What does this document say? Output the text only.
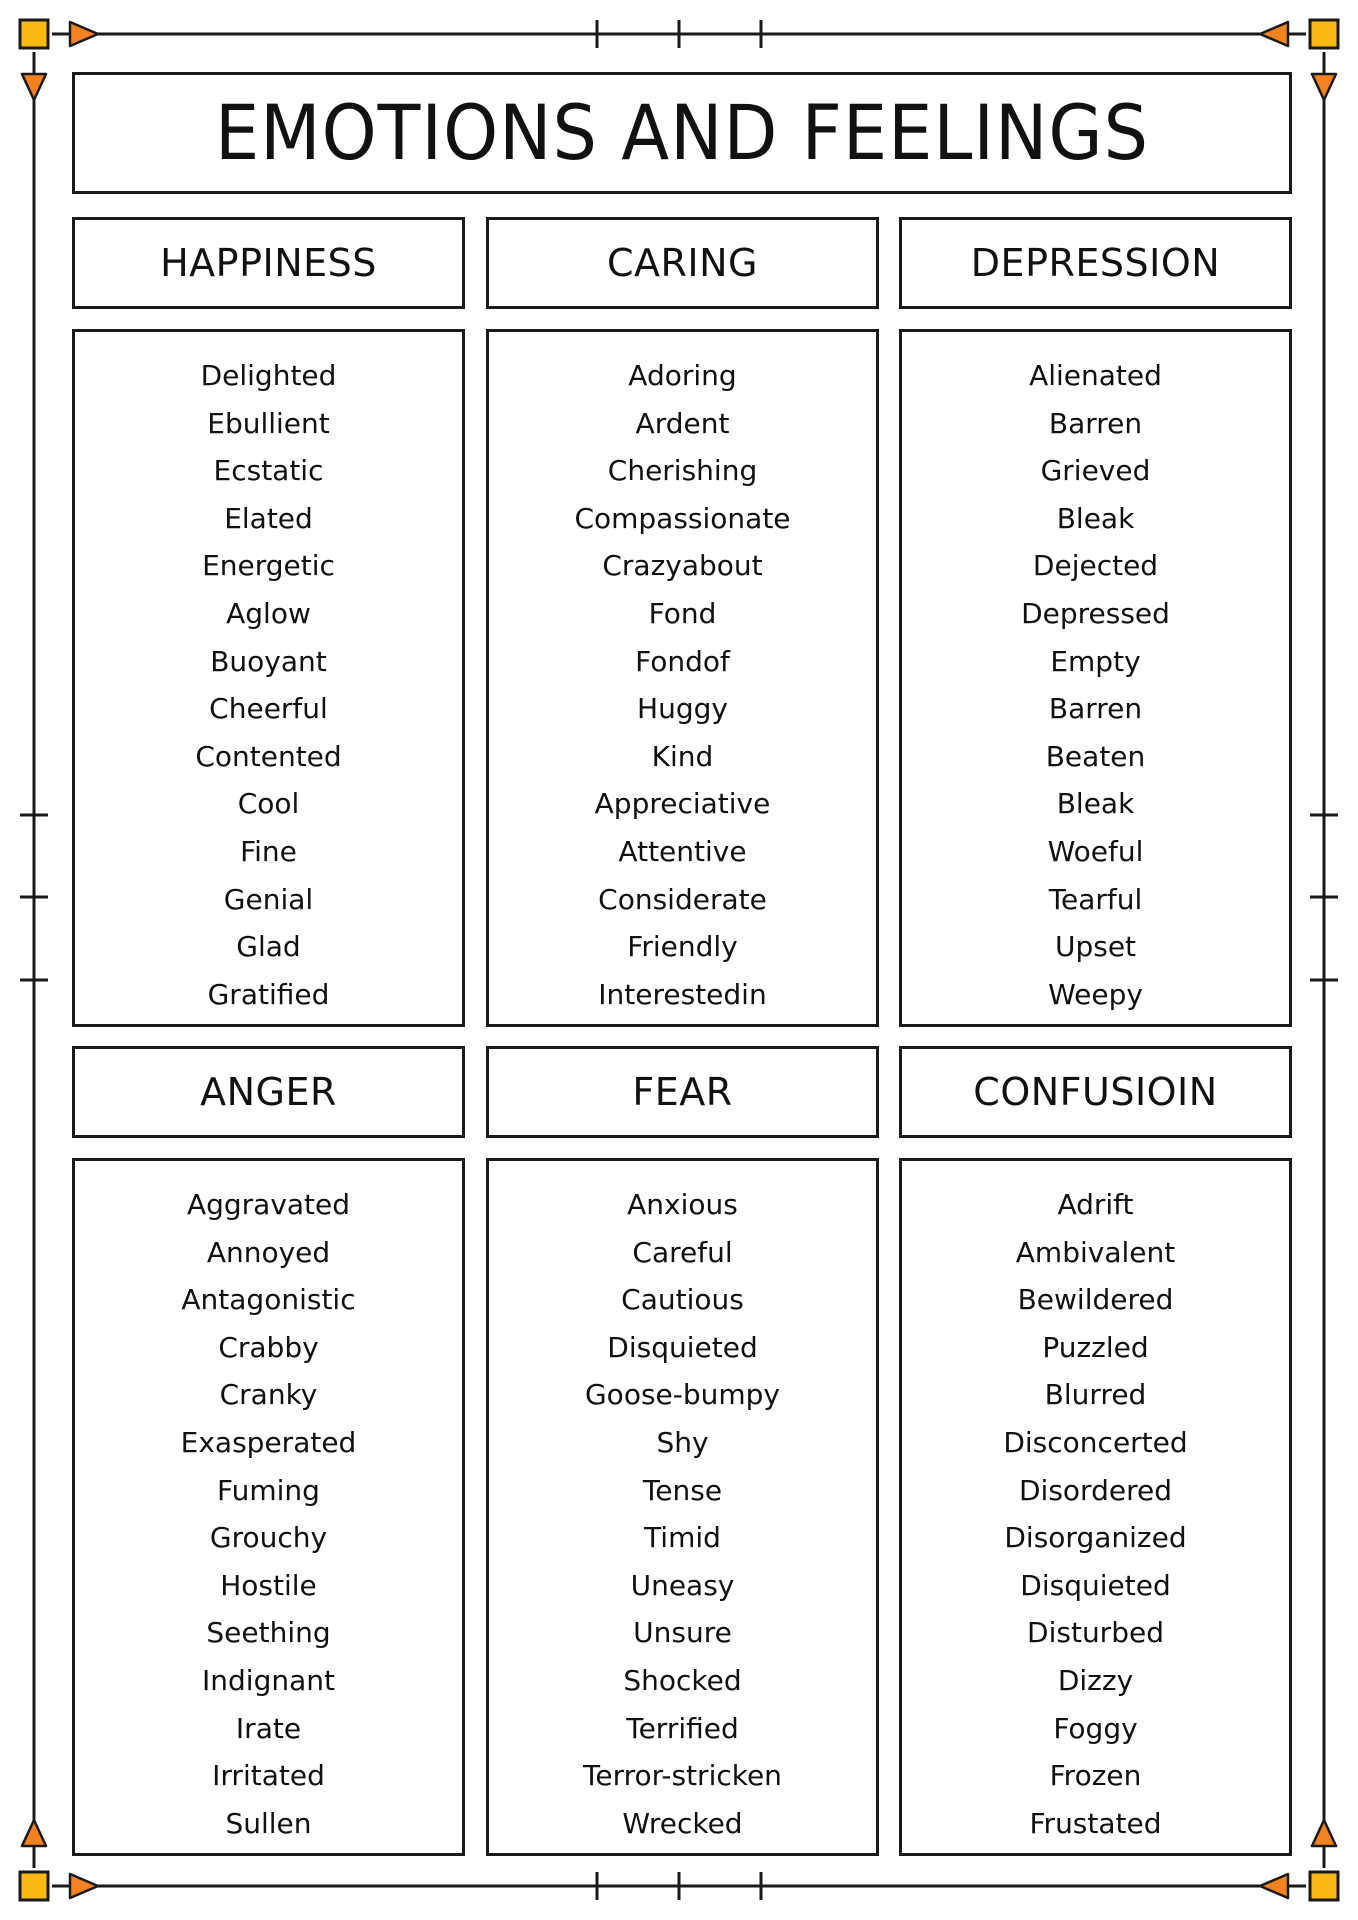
EMOTIONS AND FEELINGS
HAPPINESS
Delighted
Ebullient
Ecstatic
Elated
Energetic
Aglow
Buoyant
Cheerful
Contented
Cool
Fine
Genial
Glad
Gratified
CARING
Adoring
Ardent
Cherishing
Compassionate
Crazyabout
Fond
Fondof
Huggy
Kind
Appreciative
Attentive
Considerate
Friendly
Interestedin
DEPRESSION
Alienated
Barren
Grieved
Bleak
Dejected
Depressed
Empty
Barren
Beaten
Bleak
Woeful
Tearful
Upset
Weepy
ANGER
Aggravated
Annoyed
Antagonistic
Crabby
Cranky
Exasperated
Fuming
Grouchy
Hostile
Seething
Indignant
Irate
Irritated
Sullen
FEAR
Anxious
Careful
Cautious
Disquieted
Goose-bumpy
Shy
Tense
Timid
Uneasy
Unsure
Shocked
Terrified
Terror-stricken
Wrecked
CONFUSIOIN
Adrift
Ambivalent
Bewildered
Puzzled
Blurred
Disconcerted
Disordered
Disorganized
Disquieted
Disturbed
Dizzy
Foggy
Frozen
Frustated
